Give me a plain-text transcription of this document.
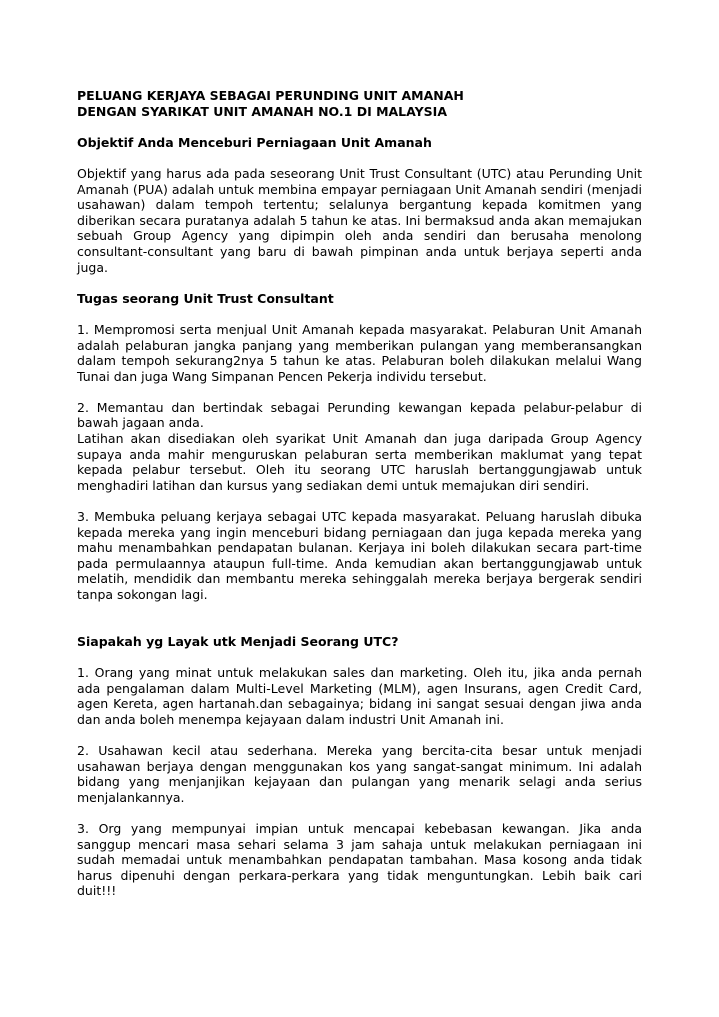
PELUANG KERJAYA SEBAGAI PERUNDING UNIT AMANAH

DENGAN SYARIKAT UNIT AMANAH NO.1 DI MALAYSIA

Objektif Anda Menceburi Perniagaan Unit Amanah

Objektif yang harus ada pada seseorang Unit Trust Consultant (UTC) atau Perunding Unit Amanah (PUA) adalah untuk membina empayar perniagaan Unit Amanah sendiri (menjadi usahawan) dalam tempoh tertentu; selalunya bergantung kepada komitmen yang diberikan secara puratanya adalah 5 tahun ke atas. Ini bermaksud anda akan memajukan sebuah Group Agency yang dipimpin oleh anda sendiri dan berusaha menolong consultant-consultant yang baru di bawah pimpinan anda untuk berjaya seperti anda juga.

Tugas seorang Unit Trust Consultant

1. Mempromosi serta menjual Unit Amanah kepada masyarakat. Pelaburan Unit Amanah adalah pelaburan jangka panjang yang memberikan pulangan yang memberansangkan dalam tempoh sekurang2nya 5 tahun ke atas. Pelaburan boleh dilakukan melalui Wang Tunai dan juga Wang Simpanan Pencen Pekerja individu tersebut.

2. Memantau dan bertindak sebagai Perunding kewangan kepada pelabur-pelabur di bawah jagaan anda.

Latihan akan disediakan oleh syarikat Unit Amanah dan juga daripada Group Agency supaya anda mahir menguruskan pelaburan serta memberikan maklumat yang tepat kepada pelabur tersebut. Oleh itu seorang UTC haruslah bertanggungjawab untuk menghadiri latihan dan kursus yang sediakan demi untuk memajukan diri sendiri.

3. Membuka peluang kerjaya sebagai UTC kepada masyarakat. Peluang haruslah dibuka kepada mereka yang ingin menceburi bidang perniagaan dan juga kepada mereka yang mahu menambahkan pendapatan bulanan. Kerjaya ini boleh dilakukan secara part-time pada permulaannya ataupun full-time. Anda kemudian akan bertanggungjawab untuk melatih, mendidik dan membantu mereka sehinggalah mereka berjaya bergerak sendiri tanpa sokongan lagi.

Siapakah yg Layak utk Menjadi Seorang UTC?

1. Orang yang minat untuk melakukan sales dan marketing. Oleh itu, jika anda pernah ada pengalaman dalam Multi-Level Marketing (MLM), agen Insurans, agen Credit Card, agen Kereta, agen hartanah.dan sebagainya; bidang ini sangat sesuai dengan jiwa anda dan anda boleh menempa kejayaan dalam industri Unit Amanah ini.

2. Usahawan kecil atau sederhana. Mereka yang bercita-cita besar untuk menjadi usahawan berjaya dengan menggunakan kos yang sangat-sangat minimum. Ini adalah bidang yang menjanjikan kejayaan dan pulangan yang menarik selagi anda serius menjalankannya.

3. Org yang mempunyai impian untuk mencapai kebebasan kewangan. Jika anda sanggup mencari masa sehari selama 3 jam sahaja untuk melakukan perniagaan ini sudah memadai untuk menambahkan pendapatan tambahan. Masa kosong anda tidak harus dipenuhi dengan perkara-perkara yang tidak menguntungkan. Lebih baik cari duit!!!
